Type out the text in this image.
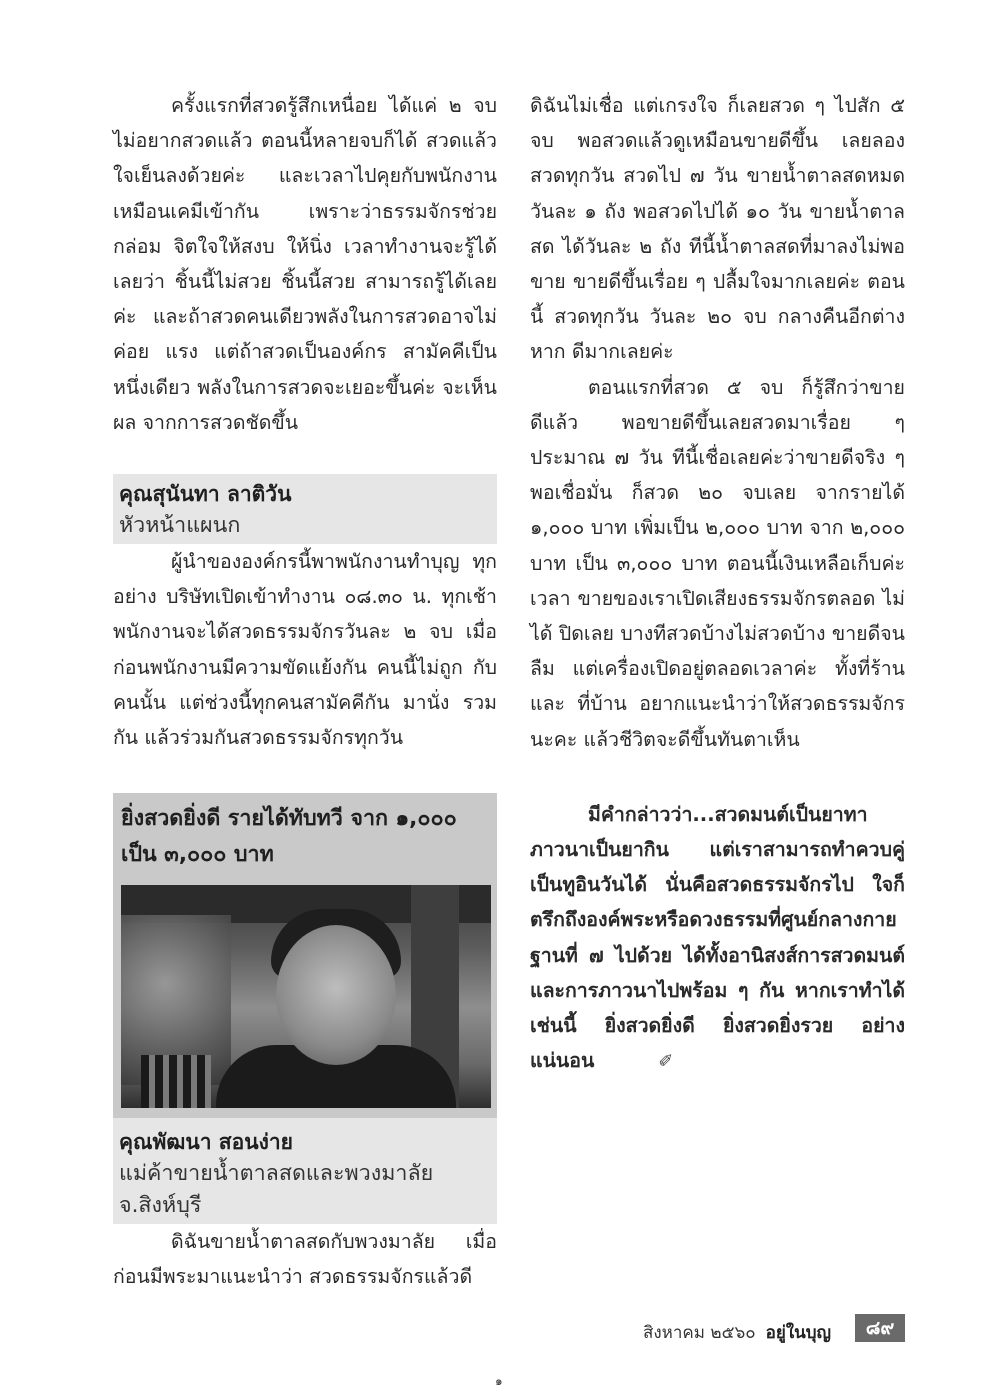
ครั้งแรกที่สวดรู้สึกเหนื่อย ได้แค่ ๒ จบ ไม่อยากสวดแล้ว ตอนนี้หลายจบก็ได้ สวดแล้ว ใจเย็นลงด้วยค่ะ และเวลาไปคุยกับพนักงาน เหมือนเคมีเข้ากัน เพราะว่าธรรมจักรช่วยกล่อม จิตใจให้สงบ ให้นิ่ง เวลาทำงานจะรู้ได้เลยว่า ชิ้นนี้ไม่สวย ชิ้นนี้สวย สามารถรู้ได้เลยค่ะ และถ้าสวดคนเดียวพลังในการสวดอาจไม่ค่อย แรง แต่ถ้าสวดเป็นองค์กร สามัคคีเป็นหนึ่งเดียว พลังในการสวดจะเยอะขึ้นค่ะ จะเห็นผล จากการสวดชัดขึ้น

คุณสุนันทา ลาติวัน
หัวหน้าแผนก

ผู้นำขององค์กรนี้พาพนักงานทำบุญ ทุกอย่าง บริษัทเปิดเข้าทำงาน ๐๘.๓๐ น. ทุกเช้าพนักงานจะได้สวดธรรมจักรวันละ ๒ จบ เมื่อก่อนพนักงานมีความขัดแย้งกัน คนนี้ไม่ถูก กับคนนั้น แต่ช่วงนี้ทุกคนสามัคคีกัน มานั่ง รวมกัน แล้วร่วมกันสวดธรรมจักรทุกวัน

ยิ่งสวดยิ่งดี รายได้ทับทวี จาก ๑,๐๐๐
เป็น ๓,๐๐๐ บาท
คุณพัฒนา สอนง่าย
แม่ค้าขายน้ำตาลสดและพวงมาลัย
จ.สิงห์บุรี

ดิฉันขายน้ำตาลสดกับพวงมาลัย เมื่อ ก่อนมีพระมาแนะนำว่า สวดธรรมจักรแล้วดี

ดิฉันไม่เชื่อ แต่เกรงใจ ก็เลยสวด ๆ ไปสัก ๕ จบ พอสวดแล้วดูเหมือนขายดีขึ้น เลยลอง สวดทุกวัน สวดไป ๗ วัน ขายน้ำตาลสดหมด วันละ ๑ ถัง พอสวดไปได้ ๑๐ วัน ขายน้ำตาลสด ได้วันละ ๒ ถัง ทีนี้น้ำตาลสดที่มาลงไม่พอขาย ขายดีขึ้นเรื่อย ๆ ปลื้มใจมากเลยค่ะ ตอนนี้ สวดทุกวัน วันละ ๒๐ จบ กลางคืนอีกต่างหาก ดีมากเลยค่ะ

ตอนแรกที่สวด ๕ จบ ก็รู้สึกว่าขายดีแล้ว พอขายดีขึ้นเลยสวดมาเรื่อย ๆ ประมาณ ๗ วัน ทีนี้เชื่อเลยค่ะว่าขายดีจริง ๆ พอเชื่อมั่น ก็สวด ๒๐ จบเลย จากรายได้ ๑,๐๐๐ บาท เพิ่มเป็น ๒,๐๐๐ บาท จาก ๒,๐๐๐ บาท เป็น ๓,๐๐๐ บาท ตอนนี้เงินเหลือเก็บค่ะ เวลา ขายของเราเปิดเสียงธรรมจักรตลอด ไม่ได้ ปิดเลย บางทีสวดบ้างไม่สวดบ้าง ขายดีจนลืม แต่เครื่องเปิดอยู่ตลอดเวลาค่ะ ทั้งที่ร้านและ ที่บ้าน อยากแนะนำว่าให้สวดธรรมจักรนะคะ แล้วชีวิตจะดีขึ้นทันตาเห็น

มีคำกล่าวว่า...สวดมนต์เป็นยาทา ภาวนาเป็นยากิน แต่เราสามารถทำควบคู่ เป็นทูอินวันได้ นั่นคือสวดธรรมจักรไป ใจก็ ตรึกถึงองค์พระหรือดวงธรรมที่ศูนย์กลางกาย ฐานที่ ๗ ไปด้วย ได้ทั้งอานิสงส์การสวดมนต์ และการภาวนาไปพร้อม ๆ กัน หากเราทำได้ เช่นนี้ ยิ่งสวดยิ่งดี ยิ่งสวดยิ่งรวย อย่าง แน่นอน	✐

สิงหาคม ๒๕๖๐ อยู่ในบุญ	๘๙
๑
